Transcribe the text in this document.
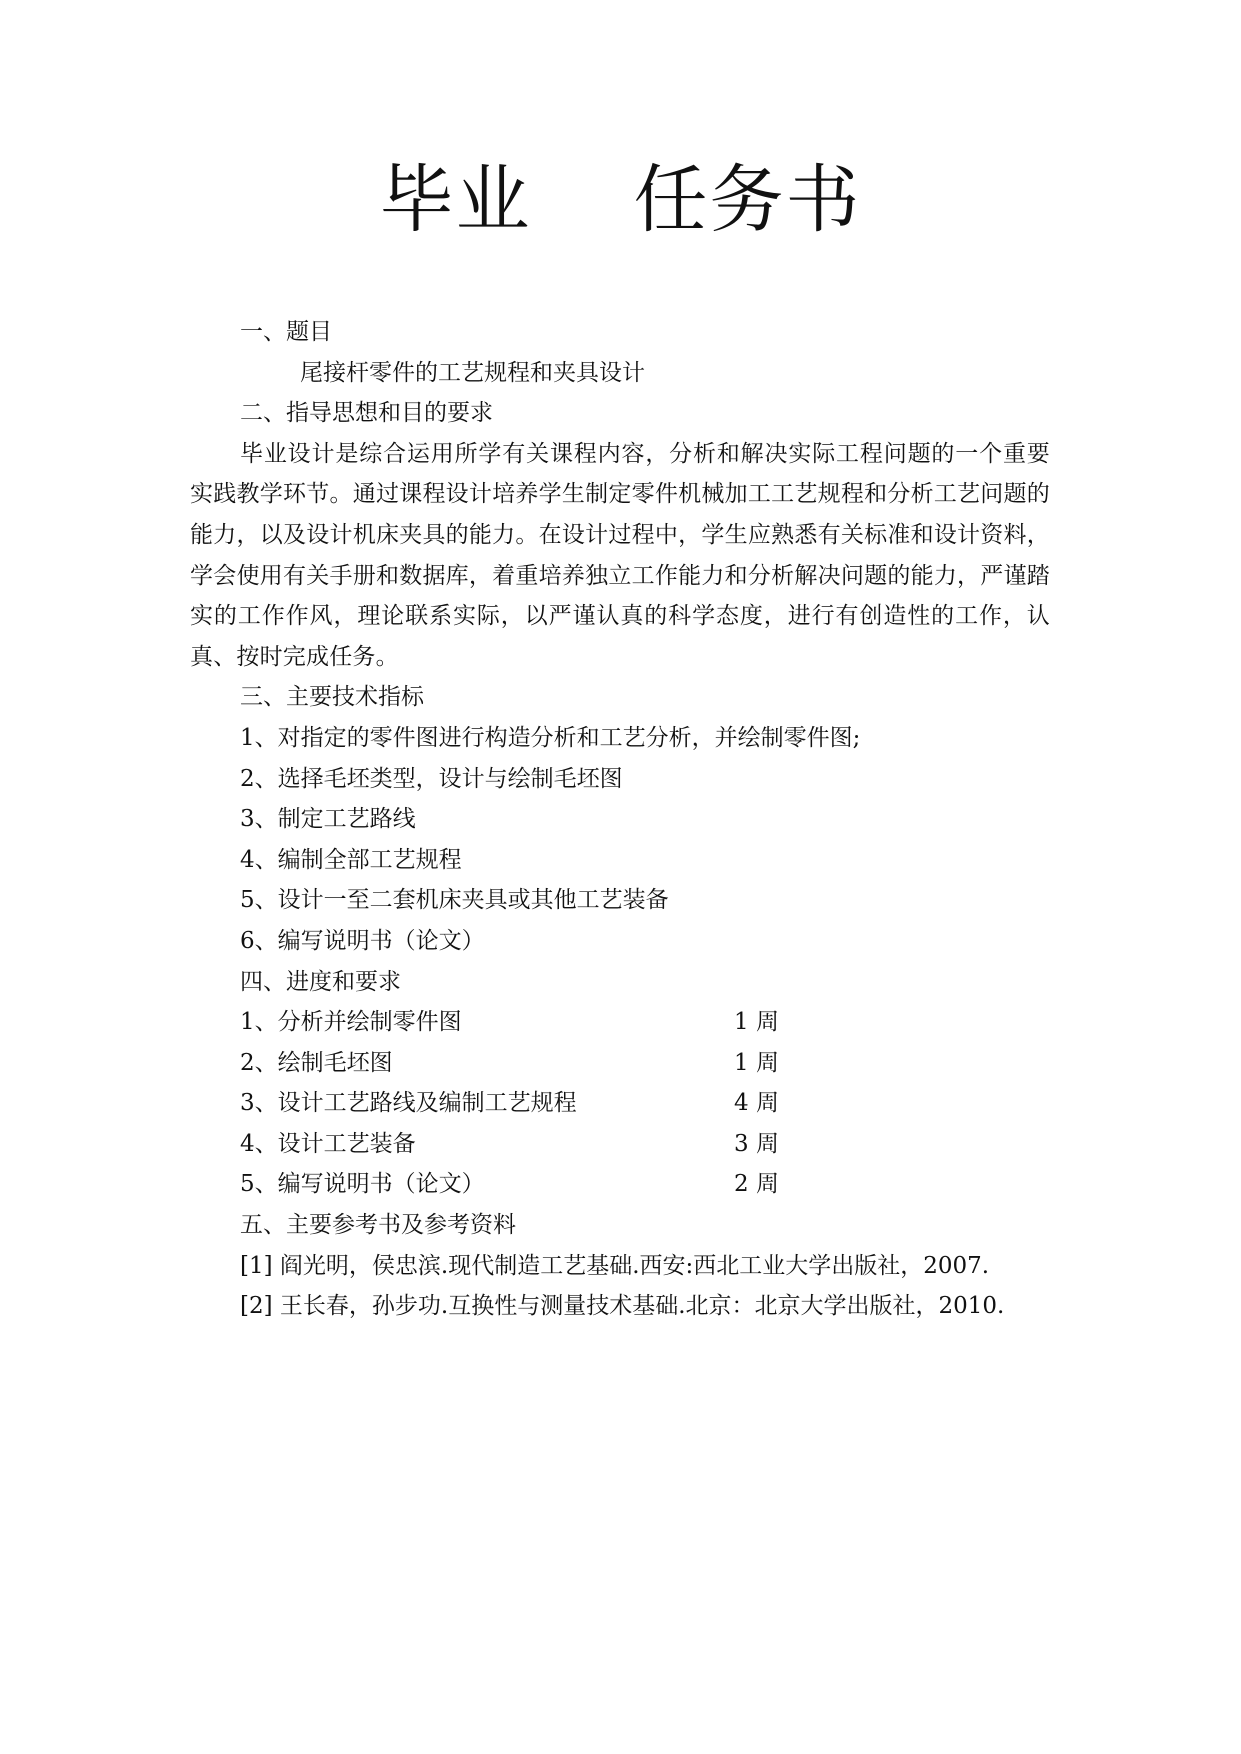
毕业    任务书
一、题目
尾接杆零件的工艺规程和夹具设计
二、指导思想和目的要求
毕业设计是综合运用所学有关课程内容，分析和解决实际工程问题的一个重要实践教学环节。通过课程设计培养学生制定零件机械加工工艺规程和分析工艺问题的能力，以及设计机床夹具的能力。在设计过程中，学生应熟悉有关标准和设计资料，学会使用有关手册和数据库，着重培养独立工作能力和分析解决问题的能力，严谨踏实的工作作风，理论联系实际，以严谨认真的科学态度，进行有创造性的工作，认真、按时完成任务。
三、主要技术指标
1、对指定的零件图进行构造分析和工艺分析，并绘制零件图;
2、选择毛坯类型，设计与绘制毛坯图
3、制定工艺路线
4、编制全部工艺规程
5、设计一至二套机床夹具或其他工艺装备
6、编写说明书（论文）
四、进度和要求
1、分析并绘制零件图	1 周
2、绘制毛坯图	1 周
3、设计工艺路线及编制工艺规程	4 周
4、设计工艺装备	3 周
5、编写说明书（论文）	2 周
五、主要参考书及参考资料
[1] 阎光明，侯忠滨.现代制造工艺基础.西安:西北工业大学出版社，2007.
[2] 王长春，孙步功.互换性与测量技术基础.北京：北京大学出版社，2010.
